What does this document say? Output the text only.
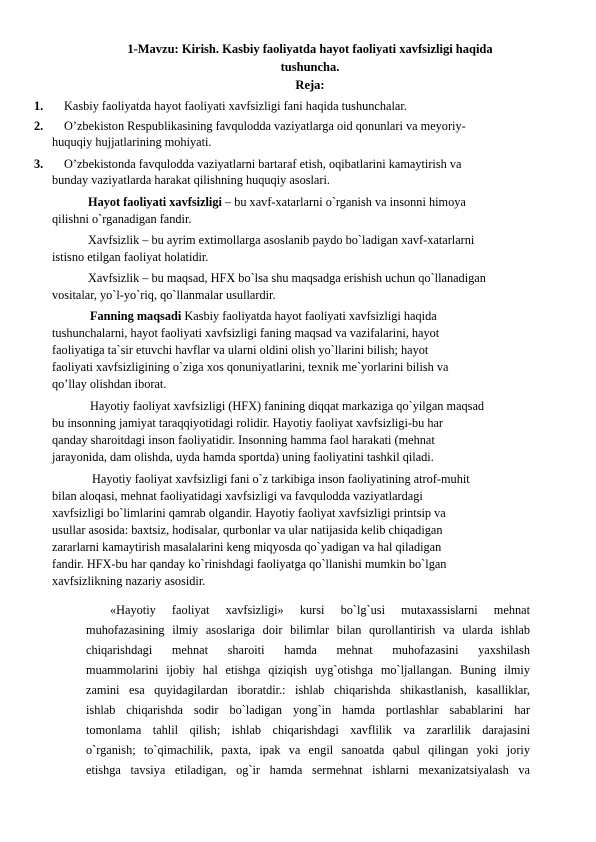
1-Mavzu: Kirish. Kasbiy faoliyatda hayot faoliyati xavfsizligi haqida
tushuncha.
Reja:
1. Kasbiy faoliyatda hayot faoliyati xavfsizligi fani haqida tushunchalar.
2. O’zbekiston Respublikasining favqulodda vaziyatlarga oid qonunlari va meyoriy-
huquqiy hujjatlarining mohiyati.
3. O’zbekistonda favqulodda vaziyatlarni bartaraf etish, oqibatlarini kamaytirish va
bunday vaziyatlarda harakat qilishning huquqiy asoslari.
Hayot faoliyati xavfsizligi – bu xavf-xatarlarni o`rganish va insonni himoya
qilishni o`rganadigan fandir.
Xavfsizlik – bu ayrim extimollarga asoslanib paydo bo`ladigan xavf-xatarlarni
istisno etilgan faoliyat holatidir.
Xavfsizlik – bu maqsad, HFX bo`lsa shu maqsadga erishish uchun qo`llanadigan
vositalar, yo`l-yo`riq, qo`llanmalar usullardir.
Fanning maqsadi Kasbiy faoliyatda hayot faoliyati xavfsizligi haqida
tushunchalarni, hayot faoliyati xavfsizligi faning maqsad va vazifalarini, hayot
faoliyatiga ta`sir etuvchi havflar va ularni oldini olish yo`llarini bilish; hayot
faoliyati xavfsizligining o`ziga xos qonuniyatlarini, texnik me`yorlarini bilish va
qo’llay olishdan iborat.
Hayotiy faoliyat xavfsizligi (HFX) fanining diqqat markaziga qo`yilgan maqsad
bu insonning jamiyat taraqqiyotidagi rolidir. Hayotiy faoliyat xavfsizligi-bu har
qanday sharoitdagi inson faoliyatidir. Insonning hamma faol harakati (mehnat
jarayonida, dam olishda, uyda hamda sportda) uning faoliyatini tashkil qiladi.
Hayotiy faoliyat xavfsizligi fani o`z tarkibiga inson faoliyatining atrof-muhit
bilan aloqasi, mehnat faoliyatidagi xavfsizligi va favqulodda vaziyatlardagi
xavfsizligi bo`limlarini qamrab olgandir. Hayotiy faoliyat xavfsizligi printsip va
usullar asosida: baxtsiz, hodisalar, qurbonlar va ular natijasida kelib chiqadigan
zararlarni kamaytirish masalalarini keng miqyosda qo`yadigan va hal qiladigan
fandir. HFX-bu har qanday ko`rinishdagi faoliyatga qo`llanishi mumkin bo`lgan
xavfsizlikning nazariy asosidir.
«Hayotiy faoliyat xavfsizligi» kursi bo`lg`usi mutaxassislarni mehnat
muhofazasining ilmiy asoslariga doir bilimlar bilan qurollantirish va ularda ishlab
chiqarishdagi mehnat sharoiti hamda mehnat muhofazasini yaxshilash
muammolarini ijobiy hal etishga qiziqish uyg`otishga mo`ljallangan. Buning ilmiy
zamini esa quyidagilardan iboratdir.: ishlab chiqarishda shikastlanish, kasalliklar,
ishlab chiqarishda sodir bo`ladigan yong`in hamda portlashlar sabablarini har
tomonlama tahlil qilish; ishlab chiqarishdagi xavflilik va zararlilik darajasini
o`rganish; to`qimachilik, paxta, ipak va engil sanoatda qabul qilingan yoki joriy
etishga tavsiya etiladigan, og`ir hamda sermehnat ishlarni mexanizatsiyalash va
